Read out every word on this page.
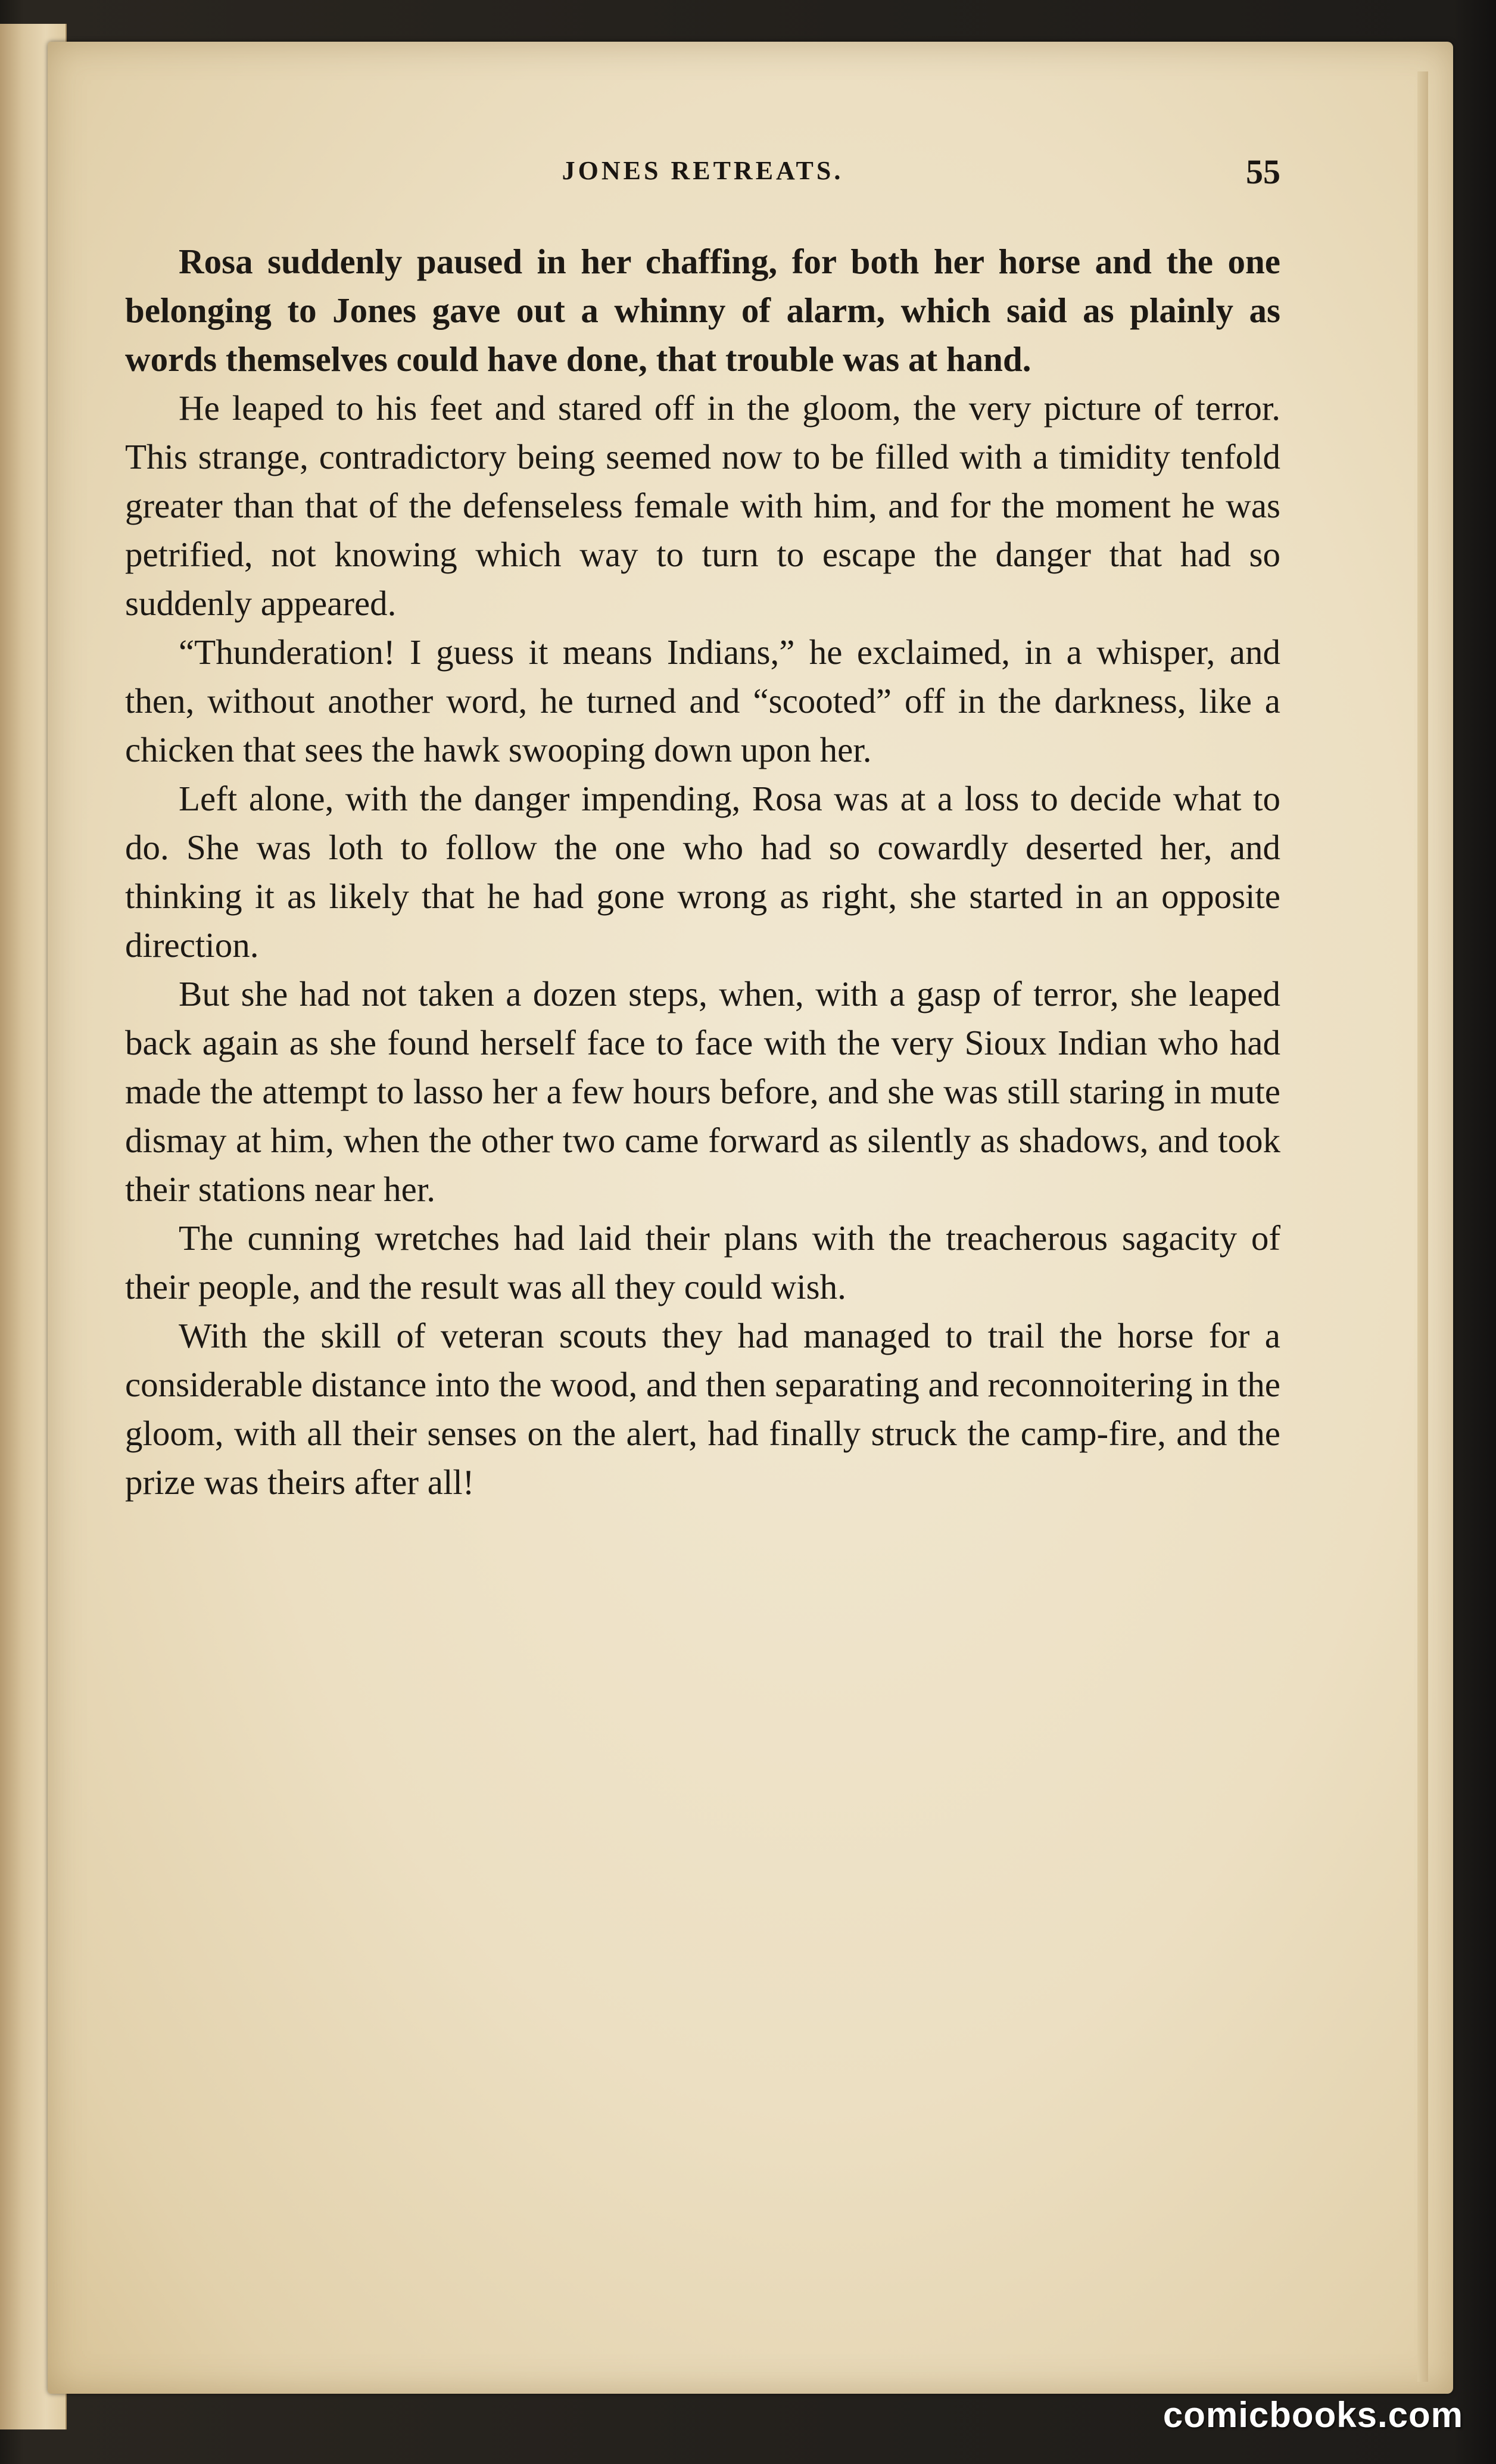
JONES RETREATS.	55

Rosa suddenly paused in her chaffing, for both her horse and the one belonging to Jones gave out a whinny of alarm, which said as plainly as words themselves could have done, that trouble was at hand.

He leaped to his feet and stared off in the gloom, the very picture of terror. This strange, contradictory being seemed now to be filled with a timidity tenfold greater than that of the defenseless female with him, and for the moment he was petrified, not knowing which way to turn to escape the danger that had so suddenly appeared.

“Thunderation! I guess it means Indians,” he exclaimed, in a whisper, and then, without another word, he turned and “scooted” off in the darkness, like a chicken that sees the hawk swooping down upon her.

Left alone, with the danger impending, Rosa was at a loss to decide what to do. She was loth to follow the one who had so cowardly deserted her, and thinking it as likely that he had gone wrong as right, she started in an opposite direction.

But she had not taken a dozen steps, when, with a gasp of terror, she leaped back again as she found herself face to face with the very Sioux Indian who had made the attempt to lasso her a few hours before, and she was still staring in mute dismay at him, when the other two came forward as silently as shadows, and took their stations near her.

The cunning wretches had laid their plans with the treacherous sagacity of their people, and the result was all they could wish.

With the skill of veteran scouts they had managed to trail the horse for a considerable distance into the wood, and then separating and reconnoitering in the gloom, with all their senses on the alert, had finally struck the camp-fire, and the prize was theirs after all!

comicbooks.com
